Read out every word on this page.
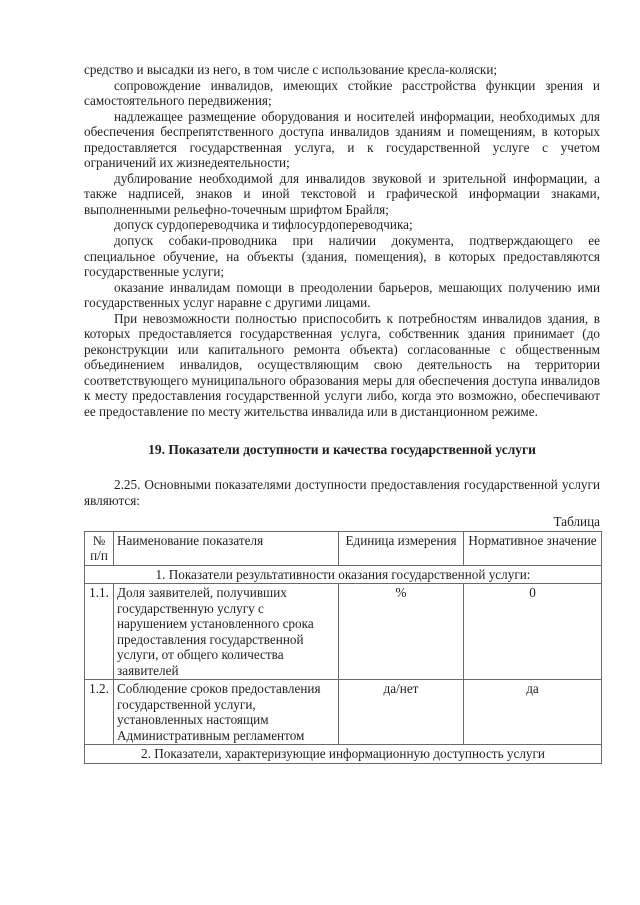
средство и высадки из него, в том числе с использование кресла-коляски;

сопровождение инвалидов, имеющих стойкие расстройства функции зрения и самостоятельного передвижения;

надлежащее размещение оборудования и носителей информации, необходимых для обеспечения беспрепятственного доступа инвалидов зданиям и помещениям, в которых предоставляется государственная услуга, и к государственной услуге с учетом ограничений их жизнедеятельности;

дублирование необходимой для инвалидов звуковой и зрительной информации, а также надписей, знаков и иной текстовой и графической информации знаками, выполненными рельефно-точечным шрифтом Брайля;

допуск сурдопереводчика и тифлосурдопереводчика;

допуск собаки-проводника при наличии документа, подтверждающего ее специальное обучение, на объекты (здания, помещения), в которых предоставляются государственные услуги;

оказание инвалидам помощи в преодолении барьеров, мешающих получению ими государственных услуг наравне с другими лицами.

При невозможности полностью приспособить к потребностям инвалидов здания, в которых предоставляется государственная услуга, собственник здания принимает (до реконструкции или капитального ремонта объекта) согласованные с общественным объединением инвалидов, осуществляющим свою деятельность на территории соответствующего муниципального образования меры для обеспечения доступа инвалидов к месту предоставления государственной услуги либо, когда это возможно, обеспечивают ее предоставление по месту жительства инвалида или в дистанционном режиме.

19. Показатели доступности и качества государственной услуги

2.25. Основными показателями доступности предоставления государственной услуги являются:

Таблица
№ п/п	Наименование показателя	Единица измерения	Нормативное значение
1. Показатели результативности оказания государственной услуги:			
1.1.	Доля заявителей, получивших государственную услугу с нарушением установленного срока предоставления государственной услуги, от общего количества заявителей	%	0
1.2.	Соблюдение сроков предоставления государственной услуги, установленных настоящим Административным регламентом	да/нет	да
2. Показатели, характеризующие информационную доступность услуги			
